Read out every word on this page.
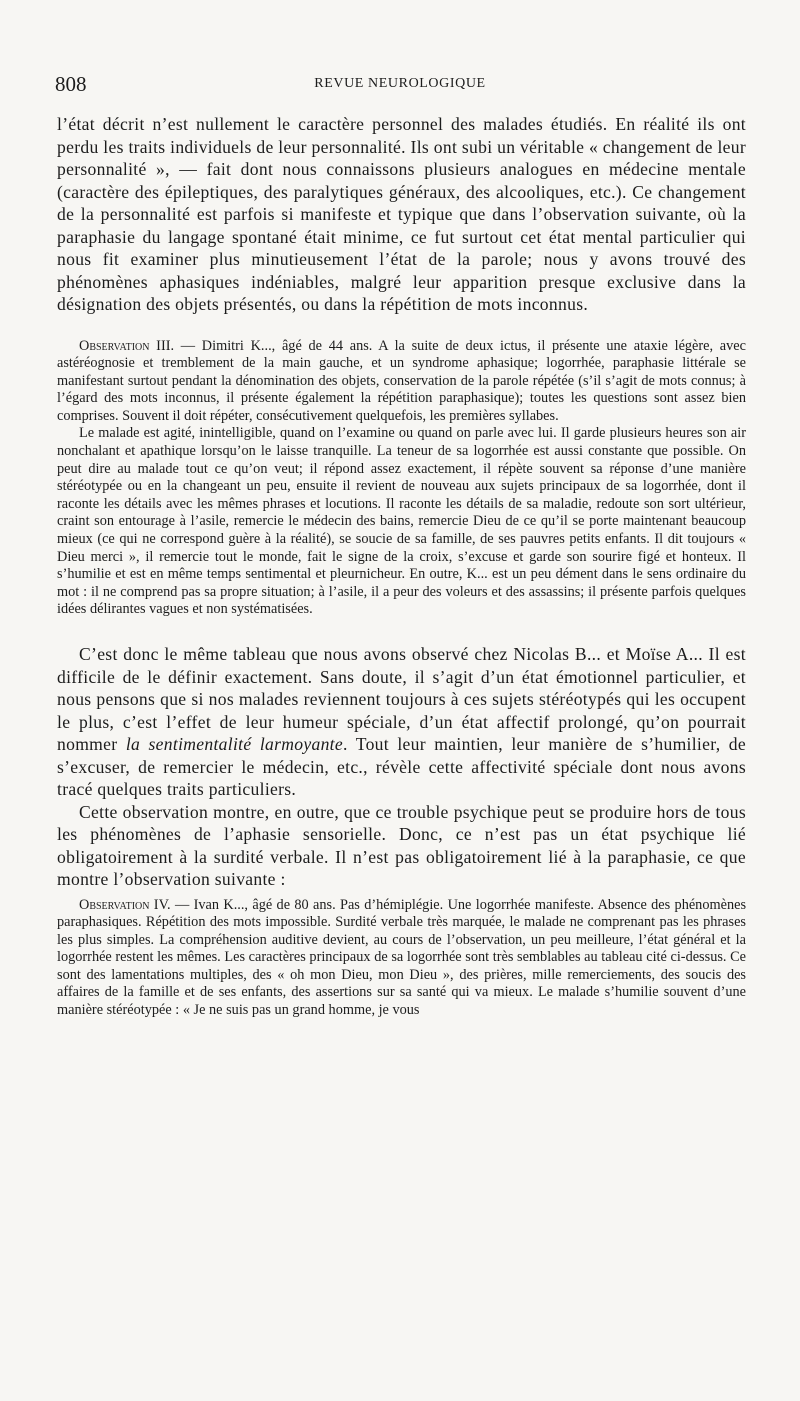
808	REVUE NEUROLOGIQUE

l’état décrit n’est nullement le caractère personnel des malades étudiés. En réalité ils ont perdu les traits individuels de leur personnalité. Ils ont subi un véritable « changement de leur personnalité », — fait dont nous connaissons plusieurs analogues en médecine mentale (caractère des épileptiques, des paralytiques généraux, des alcooliques, etc.). Ce changement de la personnalité est parfois si manifeste et typique que dans l’observation suivante, où la paraphasie du langage spontané était minime, ce fut surtout cet état mental particulier qui nous fit examiner plus minutieusement l’état de la parole; nous y avons trouvé des phénomènes aphasiques indéniables, malgré leur apparition presque exclusive dans la désignation des objets présentés, ou dans la répétition de mots inconnus.

Observation III. — Dimitri K..., âgé de 44 ans. A la suite de deux ictus, il présente une ataxie légère, avec astéréognosie et tremblement de la main gauche, et un syndrome aphasique; logorrhée, paraphasie littérale se manifestant surtout pendant la dénomination des objets, conservation de la parole répétée (s’il s’agit de mots connus; à l’égard des mots inconnus, il présente également la répétition paraphasique); toutes les questions sont assez bien comprises. Souvent il doit répéter, consécutivement quelquefois, les premières syllabes.

Le malade est agité, inintelligible, quand on l’examine ou quand on parle avec lui. Il garde plusieurs heures son air nonchalant et apathique lorsqu’on le laisse tranquille. La teneur de sa logorrhée est aussi constante que possible. On peut dire au malade tout ce qu’on veut; il répond assez exactement, il répète souvent sa réponse d’une manière stéréotypée ou en la changeant un peu, ensuite il revient de nouveau aux sujets principaux de sa logorrhée, dont il raconte les détails avec les mêmes phrases et locutions. Il raconte les détails de sa maladie, redoute son sort ultérieur, craint son entourage à l’asile, remercie le médecin des bains, remercie Dieu de ce qu’il se porte maintenant beaucoup mieux (ce qui ne correspond guère à la réalité), se soucie de sa famille, de ses pauvres petits enfants. Il dit toujours « Dieu merci », il remercie tout le monde, fait le signe de la croix, s’excuse et garde son sourire figé et honteux. Il s’humilie et est en même temps sentimental et pleurnicheur. En outre, K... est un peu dément dans le sens ordinaire du mot : il ne comprend pas sa propre situation; à l’asile, il a peur des voleurs et des assassins; il présente parfois quelques idées délirantes vagues et non systématisées.

C’est donc le même tableau que nous avons observé chez Nicolas B... et Moïse A... Il est difficile de le définir exactement. Sans doute, il s’agit d’un état émotionnel particulier, et nous pensons que si nos malades reviennent toujours à ces sujets stéréotypés qui les occupent le plus, c’est l’effet de leur humeur spéciale, d’un état affectif prolongé, qu’on pourrait nommer la sentimentalité larmoyante. Tout leur maintien, leur manière de s’humilier, de s’excuser, de remercier le médecin, etc., révèle cette affectivité spéciale dont nous avons tracé quelques traits particuliers.

Cette observation montre, en outre, que ce trouble psychique peut se produire hors de tous les phénomènes de l’aphasie sensorielle. Donc, ce n’est pas un état psychique lié obligatoirement à la surdité verbale. Il n’est pas obligatoirement lié à la paraphasie, ce que montre l’observation suivante :

Observation IV. — Ivan K..., âgé de 80 ans. Pas d’hémiplégie. Une logorrhée manifeste. Absence des phénomènes paraphasiques. Répétition des mots impossible. Surdité verbale très marquée, le malade ne comprenant pas les phrases les plus simples. La compréhension auditive devient, au cours de l’observation, un peu meilleure, l’état général et la logorrhée restent les mêmes. Les caractères principaux de sa logorrhée sont très semblables au tableau cité ci-dessus. Ce sont des lamentations multiples, des « oh mon Dieu, mon Dieu », des prières, mille remerciements, des soucis des affaires de la famille et de ses enfants, des assertions sur sa santé qui va mieux. Le malade s’humilie souvent d’une manière stéréotypée : « Je ne suis pas un grand homme, je vous
